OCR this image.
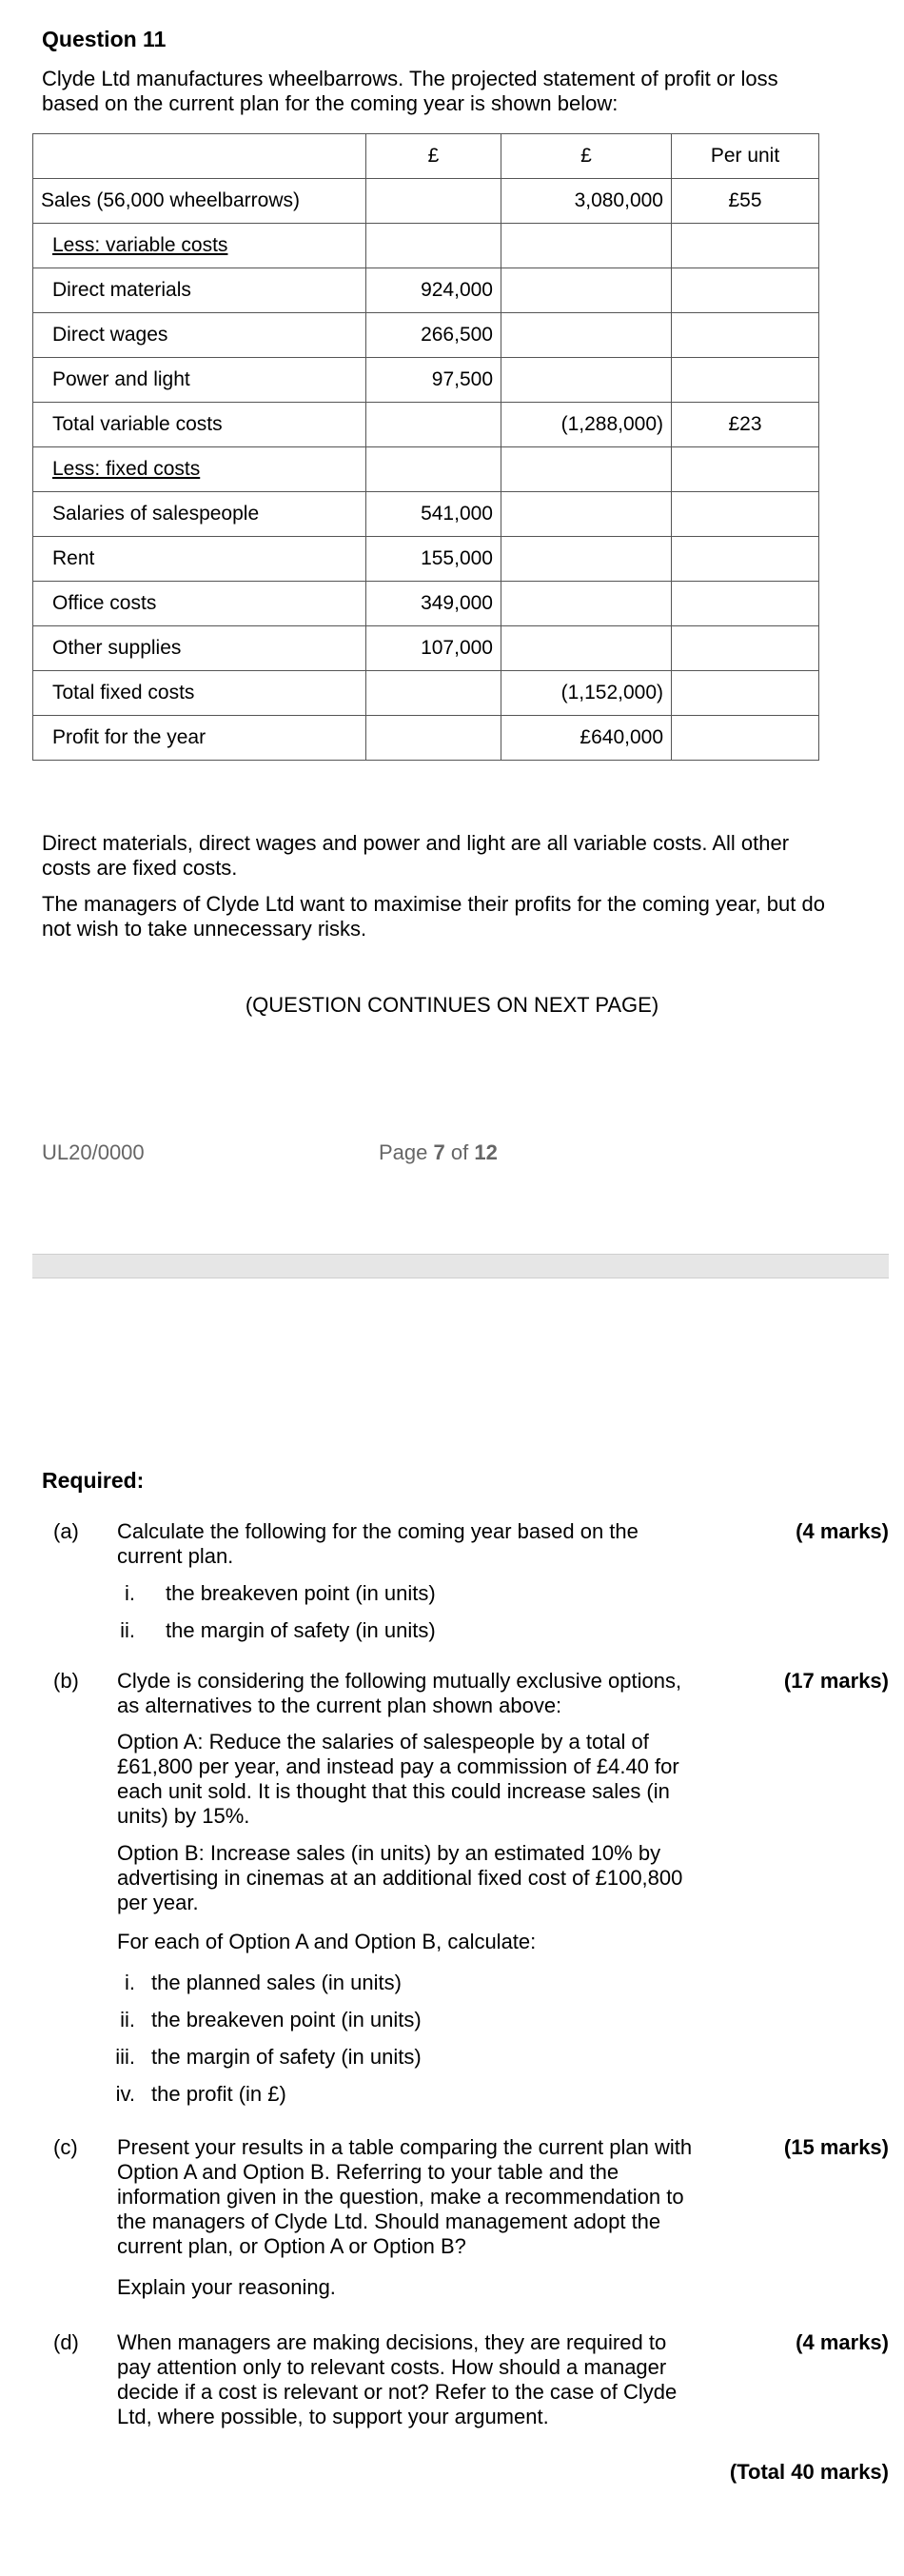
Question 11
Clyde Ltd manufactures wheelbarrows. The projected statement of profit or loss
based on the current plan for the coming year is shown below:
	£	£	Per unit
Sales (56,000 wheelbarrows)		3,080,000	£55
Less: variable costs			
Direct materials	924,000		
Direct wages	266,500		
Power and light	97,500		
Total variable costs		(1,288,000)	£23
Less: fixed costs			
Salaries of salespeople	541,000		
Rent	155,000		
Office costs	349,000		
Other supplies	107,000		
Total fixed costs		(1,152,000)	
Profit for the year		£640,000	
Direct materials, direct wages and power and light are all variable costs. All other
costs are fixed costs.
The managers of Clyde Ltd want to maximise their profits for the coming year, but do
not wish to take unnecessary risks.
(QUESTION CONTINUES ON NEXT PAGE)
UL20/0000	Page 7 of 12
Required:
(a)	(4 marks)
Calculate the following for the coming year based on the
current plan.
i. the breakeven point (in units)
ii. the margin of safety (in units)
(b)	(17 marks)
Clyde is considering the following mutually exclusive options,
as alternatives to the current plan shown above:
Option A: Reduce the salaries of salespeople by a total of
£61,800 per year, and instead pay a commission of £4.40 for
each unit sold. It is thought that this could increase sales (in
units) by 15%.
Option B: Increase sales (in units) by an estimated 10% by
advertising in cinemas at an additional fixed cost of £100,800
per year.
For each of Option A and Option B, calculate:
i. the planned sales (in units)
ii. the breakeven point (in units)
iii. the margin of safety (in units)
iv. the profit (in £)
(c)	(15 marks)
Present your results in a table comparing the current plan with
Option A and Option B. Referring to your table and the
information given in the question, make a recommendation to
the managers of Clyde Ltd. Should management adopt the
current plan, or Option A or Option B?
Explain your reasoning.
(d)	(4 marks)
When managers are making decisions, they are required to
pay attention only to relevant costs. How should a manager
decide if a cost is relevant or not? Refer to the case of Clyde
Ltd, where possible, to support your argument.
(Total 40 marks)
